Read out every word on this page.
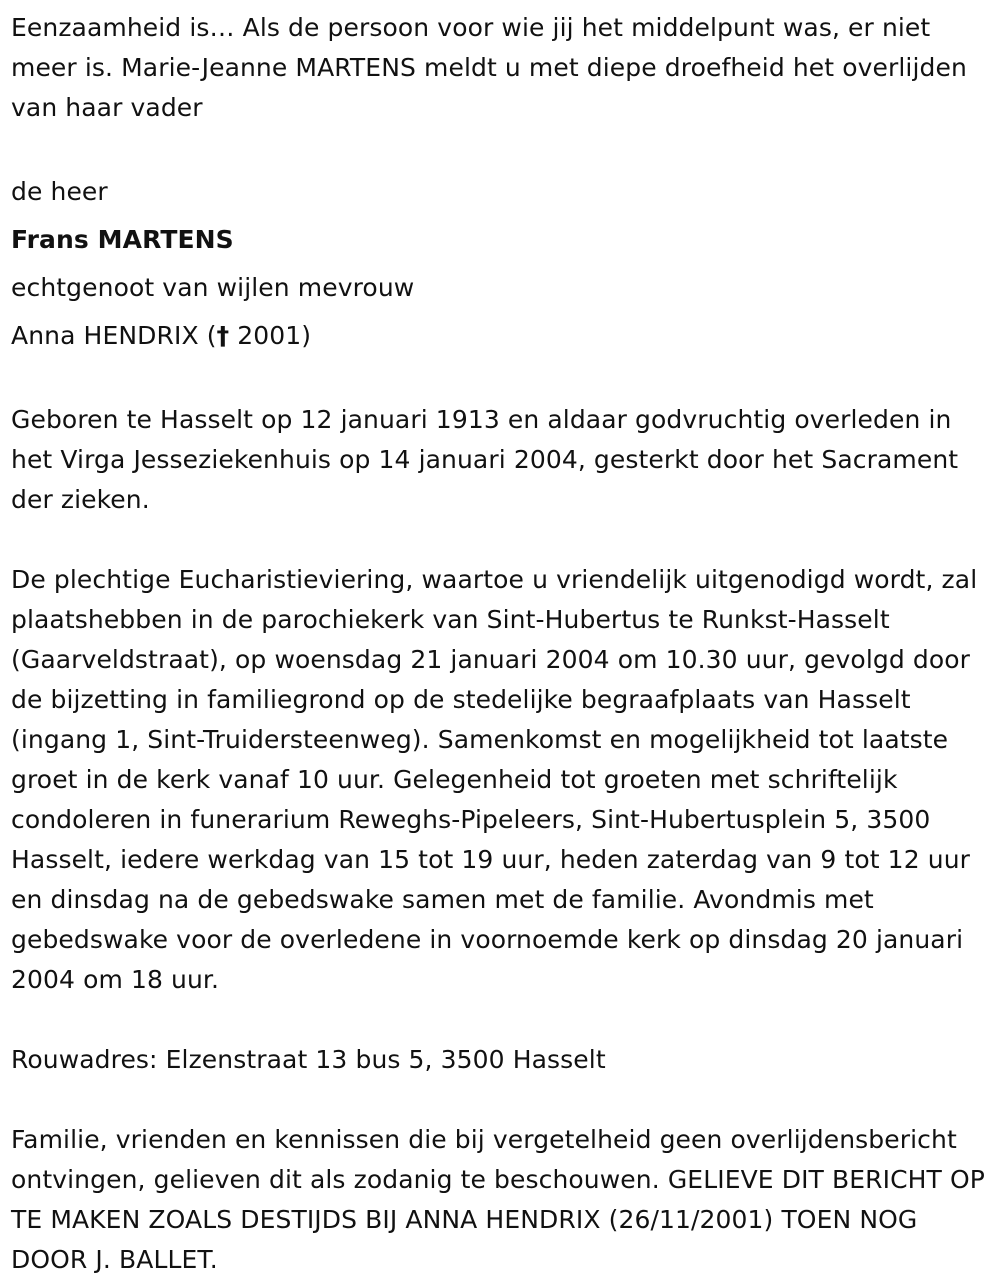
Eenzaamheid is… Als de persoon voor wie jij het middelpunt was, er niet meer is. Marie-Jeanne MARTENS meldt u met diepe droefheid het overlijden van haar vader

de heer

Frans MARTENS

echtgenoot van wijlen mevrouw

Anna HENDRIX († 2001)

Geboren te Hasselt op 12 januari 1913 en aldaar godvruchtig overleden in het Virga Jesseziekenhuis op 14 januari 2004, gesterkt door het Sacrament der zieken.

De plechtige Eucharistieviering, waartoe u vriendelijk uitgenodigd wordt, zal plaatshebben in de parochiekerk van Sint-Hubertus te Runkst-Hasselt (Gaarveldstraat), op woensdag 21 januari 2004 om 10.30 uur, gevolgd door de bijzetting in familiegrond op de stedelijke begraafplaats van Hasselt (ingang 1, Sint-Truidersteenweg). Samenkomst en mogelijkheid tot laatste groet in de kerk vanaf 10 uur. Gelegenheid tot groeten met schriftelijk condoleren in funerarium Reweghs-Pipeleers, Sint-Hubertusplein 5, 3500 Hasselt, iedere werkdag van 15 tot 19 uur, heden zaterdag van 9 tot 12 uur en dinsdag na de gebedswake samen met de familie. Avondmis met gebedswake voor de overledene in voornoemde kerk op dinsdag 20 januari 2004 om 18 uur.

Rouwadres: Elzenstraat 13 bus 5, 3500 Hasselt

Familie, vrienden en kennissen die bij vergetelheid geen overlijdensbericht ontvingen, gelieven dit als zodanig te beschouwen. GELIEVE DIT BERICHT OP TE MAKEN ZOALS DESTIJDS BIJ ANNA HENDRIX (26/11/2001) TOEN NOG DOOR J. BALLET.
